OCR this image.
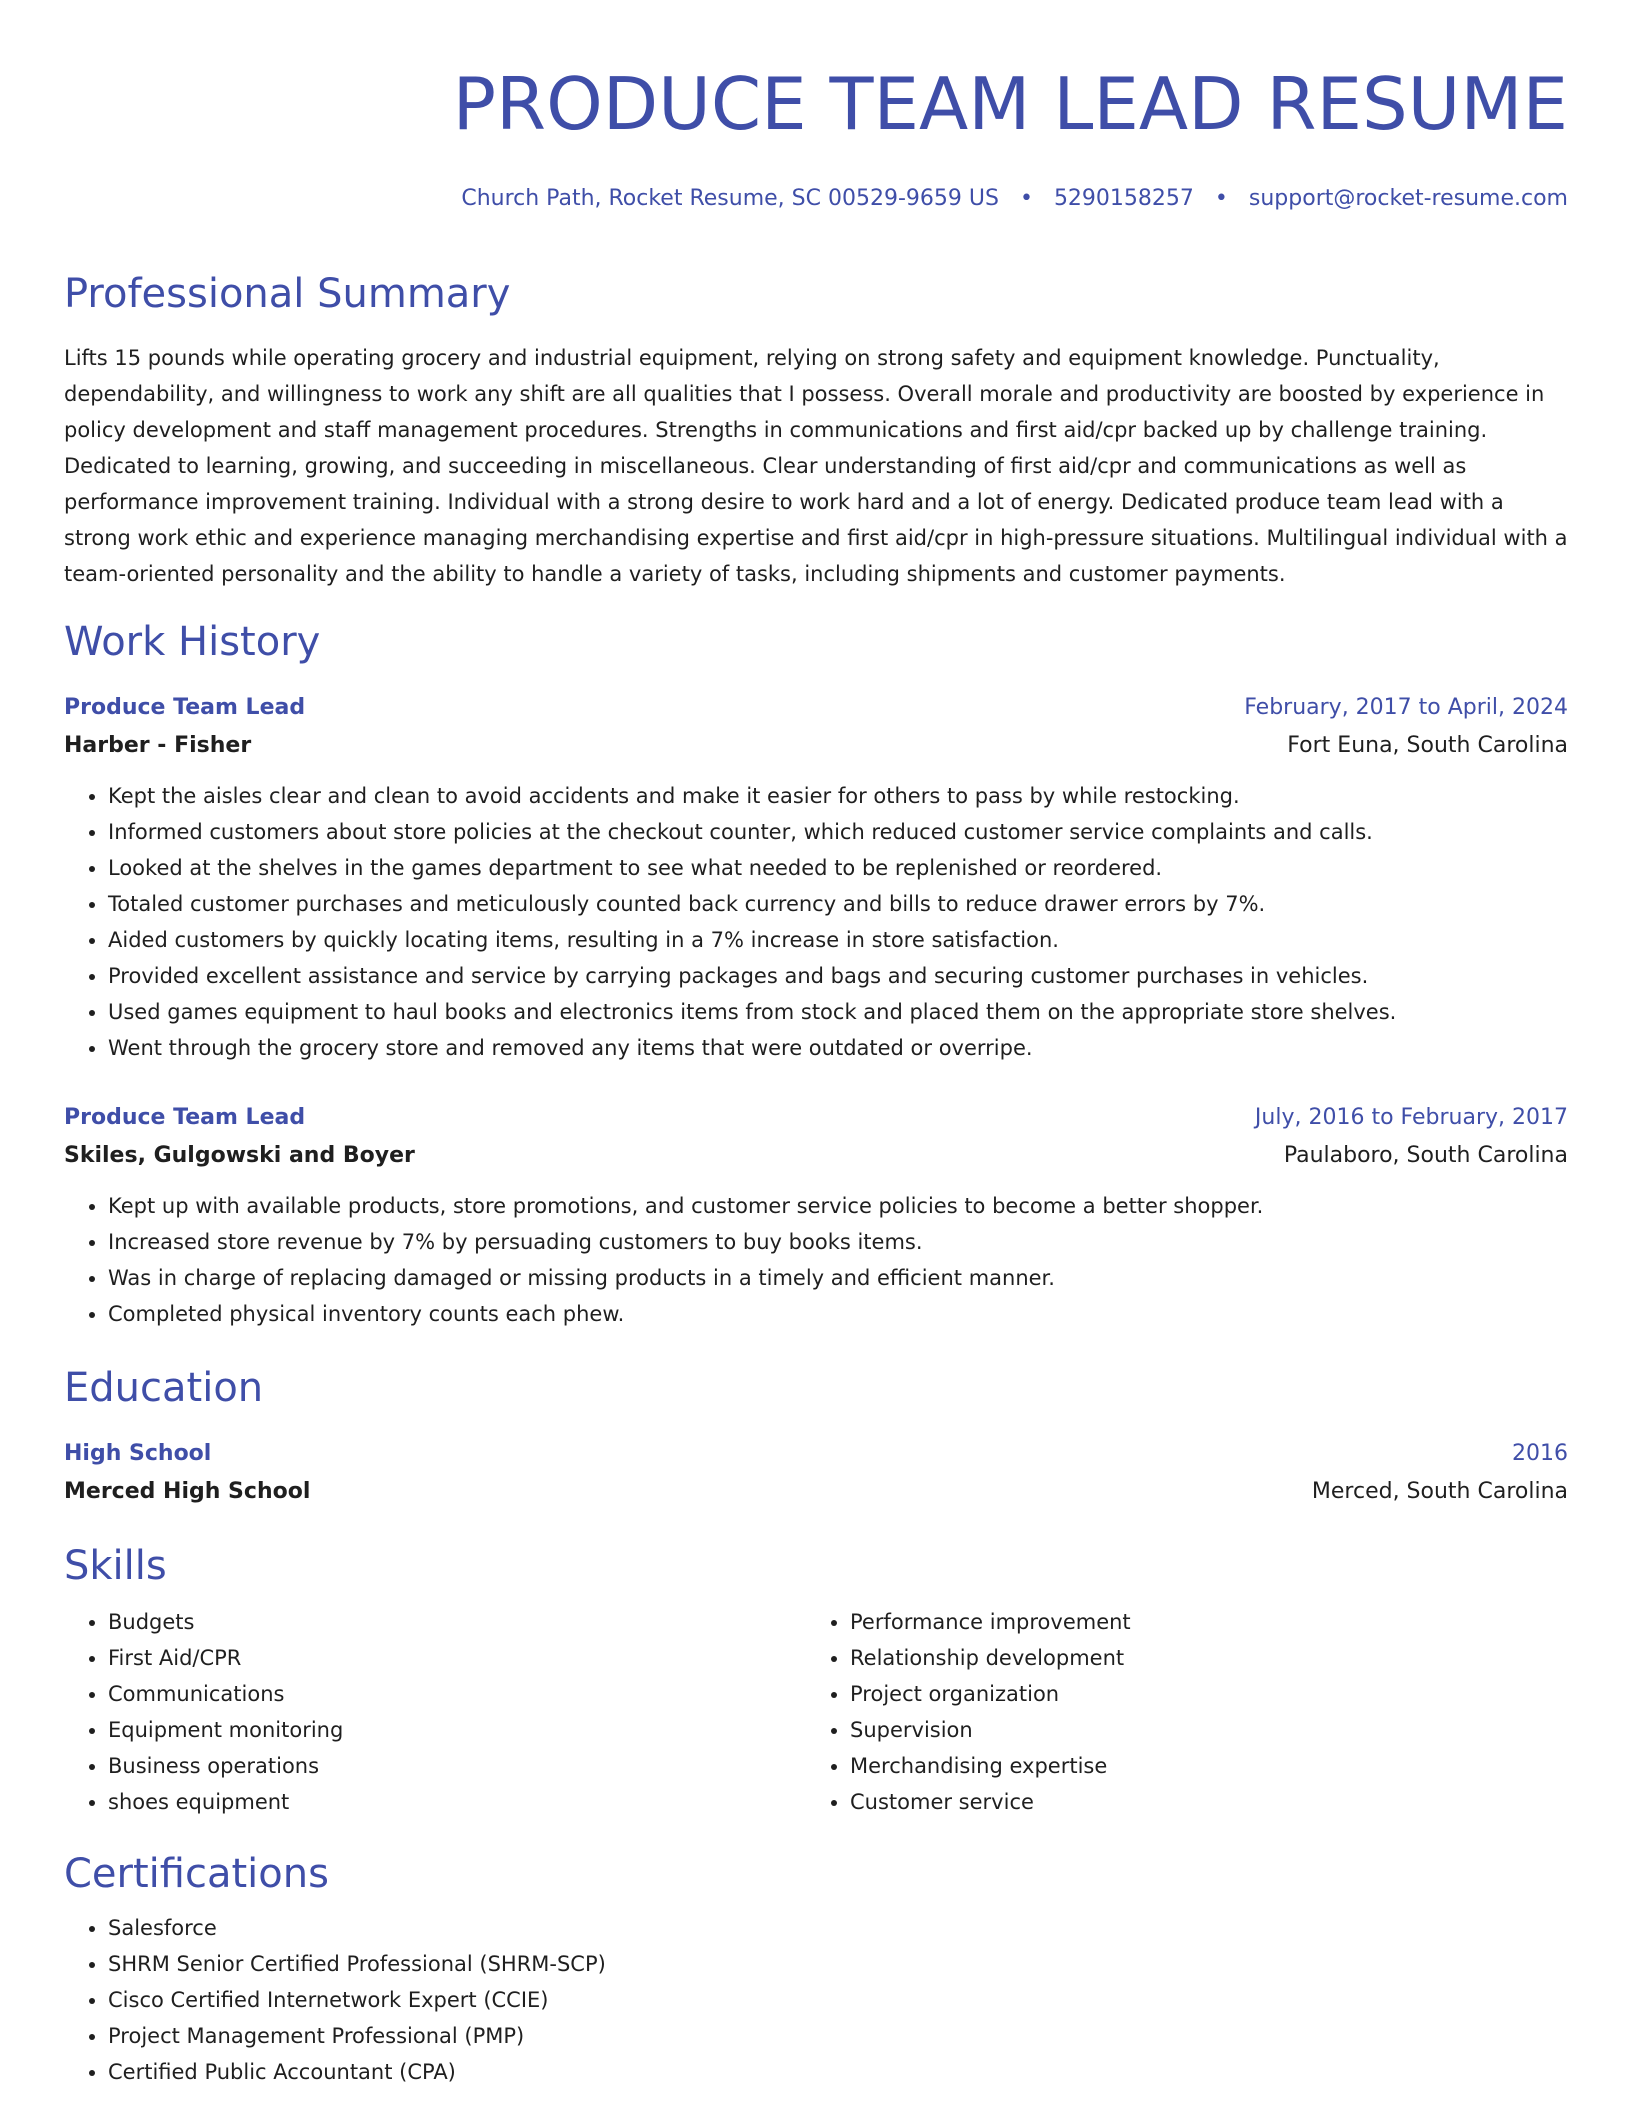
PRODUCE TEAM LEAD RESUME
Church Path, Rocket Resume, SC 00529-9659 US • 5290158257 • support@rocket-resume.com
Professional Summary
Lifts 15 pounds while operating grocery and industrial equipment, relying on strong safety and equipment knowledge. Punctuality, dependability, and willingness to work any shift are all qualities that I possess. Overall morale and productivity are boosted by experience in policy development and staff management procedures. Strengths in communications and first aid/cpr backed up by challenge training. Dedicated to learning, growing, and succeeding in miscellaneous. Clear understanding of first aid/cpr and communications as well as performance improvement training. Individual with a strong desire to work hard and a lot of energy. Dedicated produce team lead with a strong work ethic and experience managing merchandising expertise and first aid/cpr in high-pressure situations. Multilingual individual with a team-oriented personality and the ability to handle a variety of tasks, including shipments and customer payments.
Work History
Produce Team Lead	February, 2017 to April, 2024
Harber - Fisher	Fort Euna, South Carolina
• Kept the aisles clear and clean to avoid accidents and make it easier for others to pass by while restocking.
• Informed customers about store policies at the checkout counter, which reduced customer service complaints and calls.
• Looked at the shelves in the games department to see what needed to be replenished or reordered.
• Totaled customer purchases and meticulously counted back currency and bills to reduce drawer errors by 7%.
• Aided customers by quickly locating items, resulting in a 7% increase in store satisfaction.
• Provided excellent assistance and service by carrying packages and bags and securing customer purchases in vehicles.
• Used games equipment to haul books and electronics items from stock and placed them on the appropriate store shelves.
• Went through the grocery store and removed any items that were outdated or overripe.
Produce Team Lead	July, 2016 to February, 2017
Skiles, Gulgowski and Boyer	Paulaboro, South Carolina
• Kept up with available products, store promotions, and customer service policies to become a better shopper.
• Increased store revenue by 7% by persuading customers to buy books items.
• Was in charge of replacing damaged or missing products in a timely and efficient manner.
• Completed physical inventory counts each phew.
Education
High School	2016
Merced High School	Merced, South Carolina
Skills
• Budgets
• First Aid/CPR
• Communications
• Equipment monitoring
• Business operations
• shoes equipment
• Performance improvement
• Relationship development
• Project organization
• Supervision
• Merchandising expertise
• Customer service
Certifications
• Salesforce
• SHRM Senior Certified Professional (SHRM-SCP)
• Cisco Certified Internetwork Expert (CCIE)
• Project Management Professional (PMP)
• Certified Public Accountant (CPA)
